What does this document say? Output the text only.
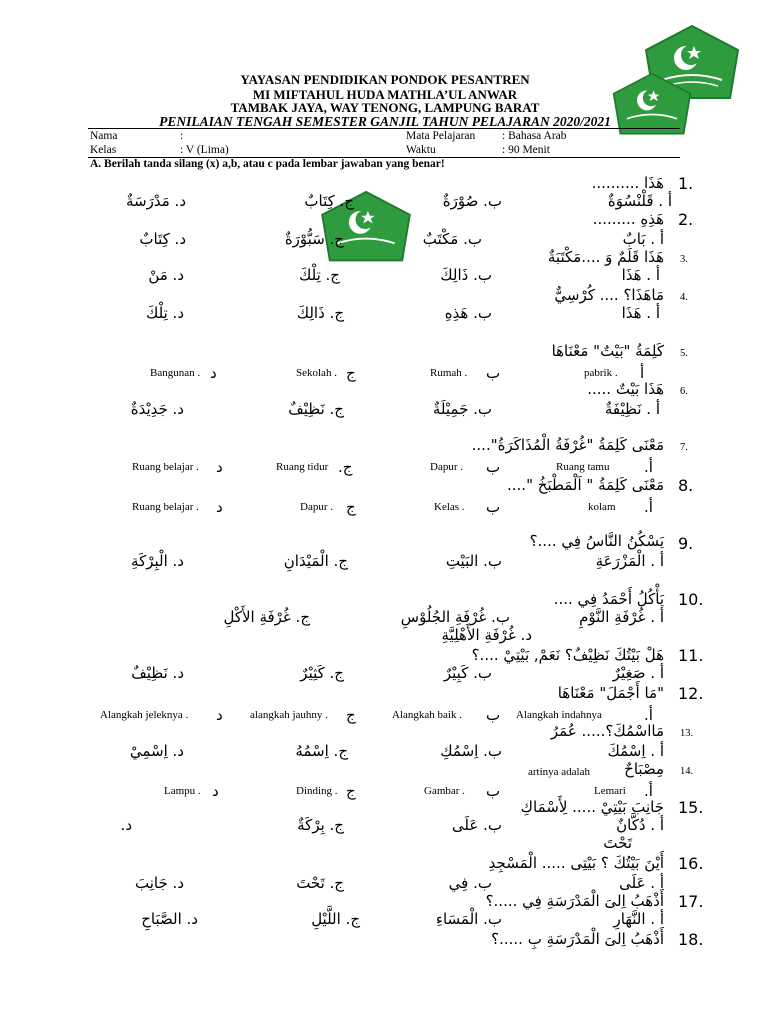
YAYASAN PENDIDIKAN PONDOK PESANTREN
MI MIFTAHUL HUDA MATHLA’UL ANWAR
TAMBAK JAYA, WAY TENONG, LAMPUNG BARAT
PENILAIAN TENGAH SEMESTER GANJIL TAHUN PELAJARAN 2020/2021
Nama	:
Kelas	: V (Lima)
Mata Pelajaran : Bahasa Arab
Waktu	: 90 Menit
A. Berilah tanda silang (x) a,b, atau c pada lembar jawaban yang benar!
1.
هَذَا ..........
أ . قَلْنْسُوَةٌ
ب. صُوْرَةٌ
ج. كِتَابٌ
د. مَدْرَسَةٌ
2.
هَذِهِ .........
أ . بَابٌ
ب. مَكْتَبٌ
ج. سَبُّوْرَةٌ
د. كِتَابٌ
3.
هَذَا قَلَمٌ وَ ....مَكْتَبَةٌ
أ . هَذَا
ب. ذَالِكَ
ج. تِلْكَ
د. مَنْ
4.
مَاهَذَا؟ .... كُرْسِيٌّ
أ . هَذَا
ب. هَذِهِ
ج. ذَالِكَ
د. تِلْكَ
5.
كَلِمَةُ "بَيْتٌ" مَعْنَاهَا
أ
pabrik .
ب
Rumah .
ج
Sekolah .
د
Bangunan .
6.
هَذَا بَيْتٌ .....
أ . نَظِيْفَةٌ
ب. جَمِيْلَةٌ
ج. نَظِيْفٌ
د. جَدِيْدَةٌ
7.
مَعْنَى كَلِمَةُ "غُرْفَةُ الْمُذَاكَرَةُ"....
أ.
Ruang tamu
ب
Dapur .
ج.
Ruang tidur
د
Ruang belajar .
8.
مَعْنَى كَلِمَةُ " اَلْمَطْبَخُ "....
أ.
kolam
ب
Kelas .
ج
Dapur .
د
Ruang belajar .
9.
يَسْكُنُ النَّاسُ فِي ....؟
أ . الْمَزْرَعَةِ
ب. البَيْتِ
ج. الْمَيْدَانِ
د. الْبِرْكَةِ
10.
يَأْكُلُ أَحْمَدُ فِي ....
أ . غُرْفَةِ النَّوْمِ
ب. غُرْفَةِ الجُلُوْسِ
ج. غُرْفَةِ الأَكْلِ
د. غُرْفَةِ الأَهْلِيَّةِ
11.
هَلْ بَيْتُكَ نَظِيْفٌ؟ نَعَمْ, بَيْتِيْ ....؟
أ . صَغِيْرٌ
ب. كَبِيْرٌ
ج. كَثِيْرٌ
د. نَظِيْفٌ
12.
"مَا أَجْمَلَ" مَعْنَاهَا
أ.
Alangkah indahnya
ب
Alangkah baik .
ج
alangkah jauhny .
د
Alangkah jeleknya .
13.
مَااسْمُكَ؟..... عُمَرُ
أ . اِسْمُكَ
ب. اِسْمُكِ
ج. اِسْمُهُ
د. اِسْمِيْ
14.
مِصْبَاحٌ
artinya adalah
أ.
Lemari
ب
Gambar .
ج
Dinding .
د
Lampu .
15.
جَانِبَ بَيْتِيْ ..... لِأَسْمَاكِ
أ . دُكَّانٌ
ب. عَلَى
ج. بِرْكَةٌ
د.
تَحْتَ
16.
أَيْنَ بَيْتُكَ ؟ بَيْتِى ..... الْمَسْجِدِ
أ . عَلَى
ب. فِي
ج. تَحْتَ
د. جَانِبَ
17.
أَذْهَبُ اِلىَ الْمَدْرَسَةِ فِي .....؟
أ . النَّهَارِ
ب. الْمَسَاءِ
ج. اللَّيْلِ
د. الصَّبَاحِ
18.
أَذْهَبُ اِلىَ الْمَدْرَسَةِ بِ .....؟
